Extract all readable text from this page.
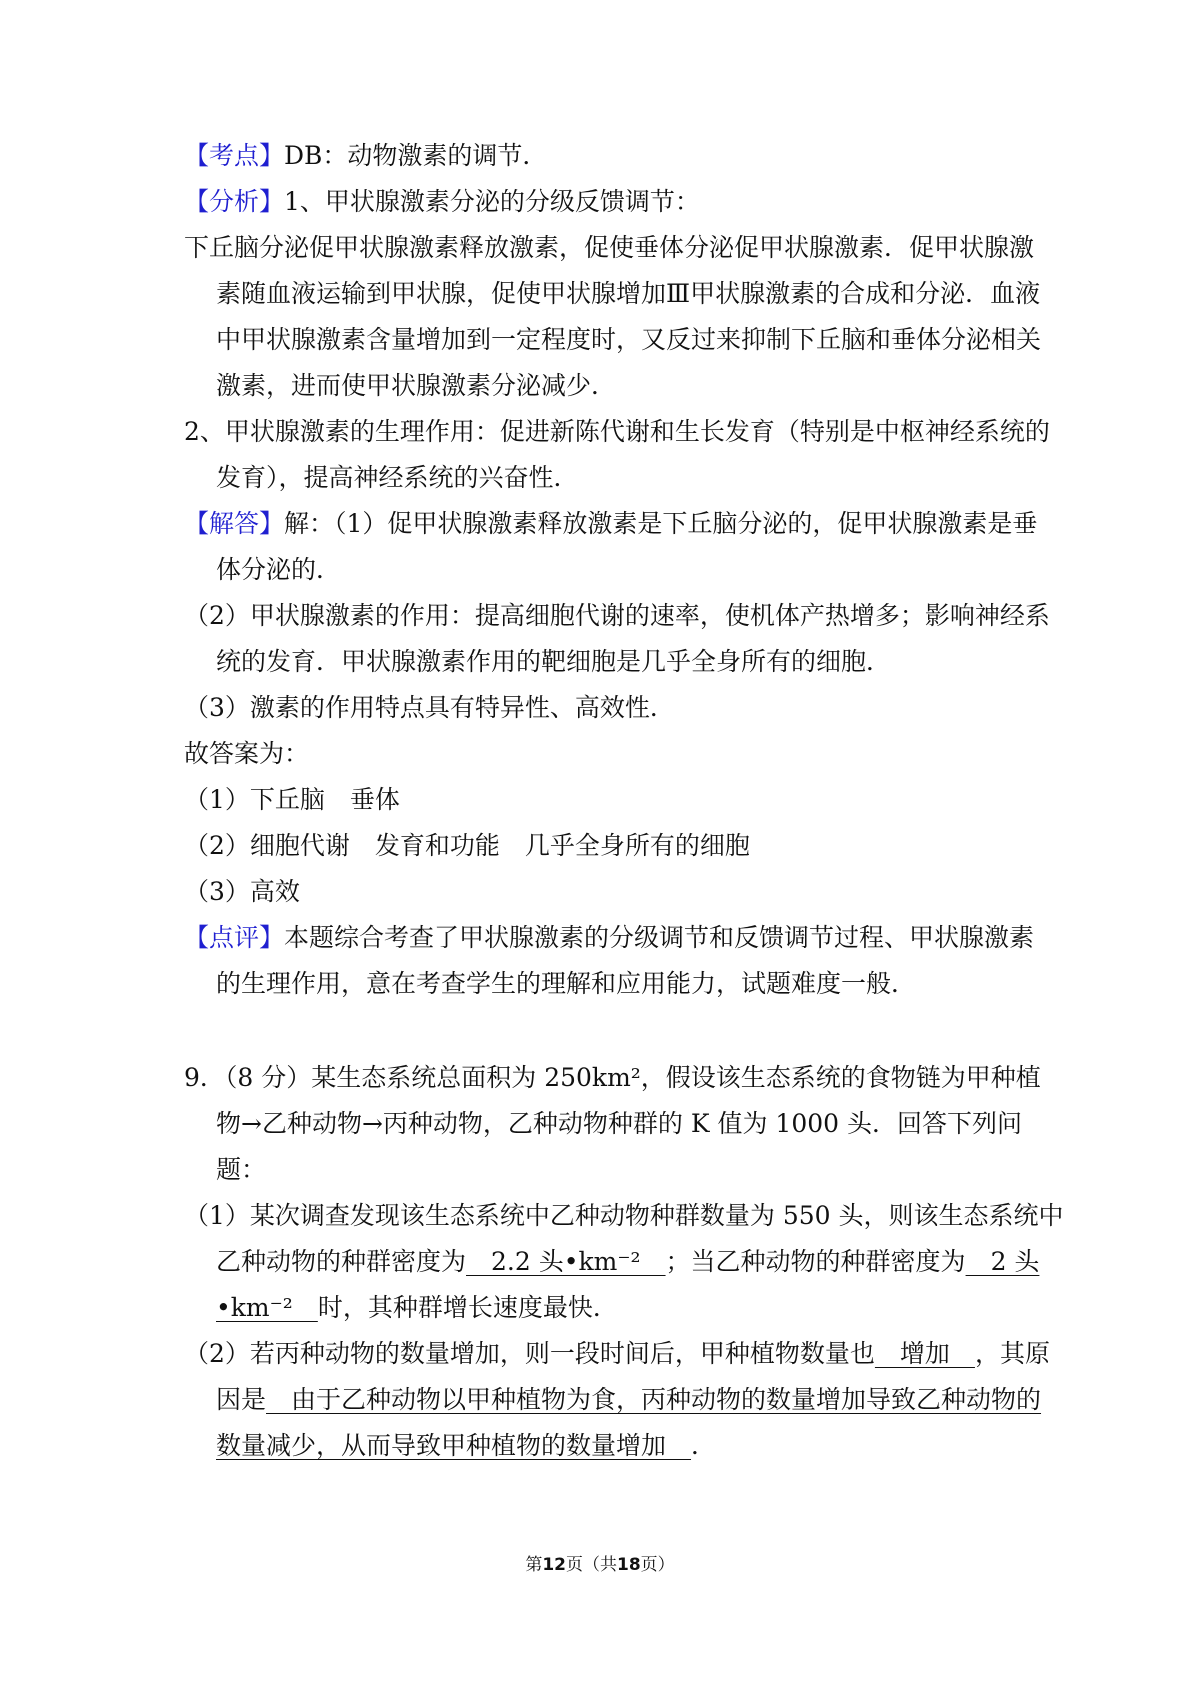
【考点】DB：动物激素的调节．
【分析】1、甲状腺激素分泌的分级反馈调节：
下丘脑分泌促甲状腺激素释放激素，促使垂体分泌促甲状腺激素．促甲状腺激
素随血液运输到甲状腺，促使甲状腺增加Ⅲ甲状腺激素的合成和分泌．血液
中甲状腺激素含量增加到一定程度时，又反过来抑制下丘脑和垂体分泌相关
激素，进而使甲状腺激素分泌减少．
2、甲状腺激素的生理作用：促进新陈代谢和生长发育（特别是中枢神经系统的
发育），提高神经系统的兴奋性．
【解答】解：（1）促甲状腺激素释放激素是下丘脑分泌的，促甲状腺激素是垂
体分泌的．
（2）甲状腺激素的作用：提高细胞代谢的速率，使机体产热增多；影响神经系
统的发育．甲状腺激素作用的靶细胞是几乎全身所有的细胞．
（3）激素的作用特点具有特异性、高效性．
故答案为：
（1）下丘脑　垂体
（2）细胞代谢　发育和功能　几乎全身所有的细胞
（3）高效
【点评】本题综合考查了甲状腺激素的分级调节和反馈调节过程、甲状腺激素
的生理作用，意在考查学生的理解和应用能力，试题难度一般．
9．（8 分）某生态系统总面积为 250km²，假设该生态系统的食物链为甲种植
物→乙种动物→丙种动物，乙种动物种群的 K 值为 1000 头．回答下列问
题：
（1）某次调查发现该生态系统中乙种动物种群数量为 550 头，则该生态系统中
乙种动物的种群密度为　2.2 头•km⁻²　；当乙种动物的种群密度为　2 头
•km⁻²　时，其种群增长速度最快．
（2）若丙种动物的数量增加，则一段时间后，甲种植物数量也　增加　，其原
因是　由于乙种动物以甲种植物为食，丙种动物的数量增加导致乙种动物的
数量减少，从而导致甲种植物的数量增加　．
第12页（共18页）
